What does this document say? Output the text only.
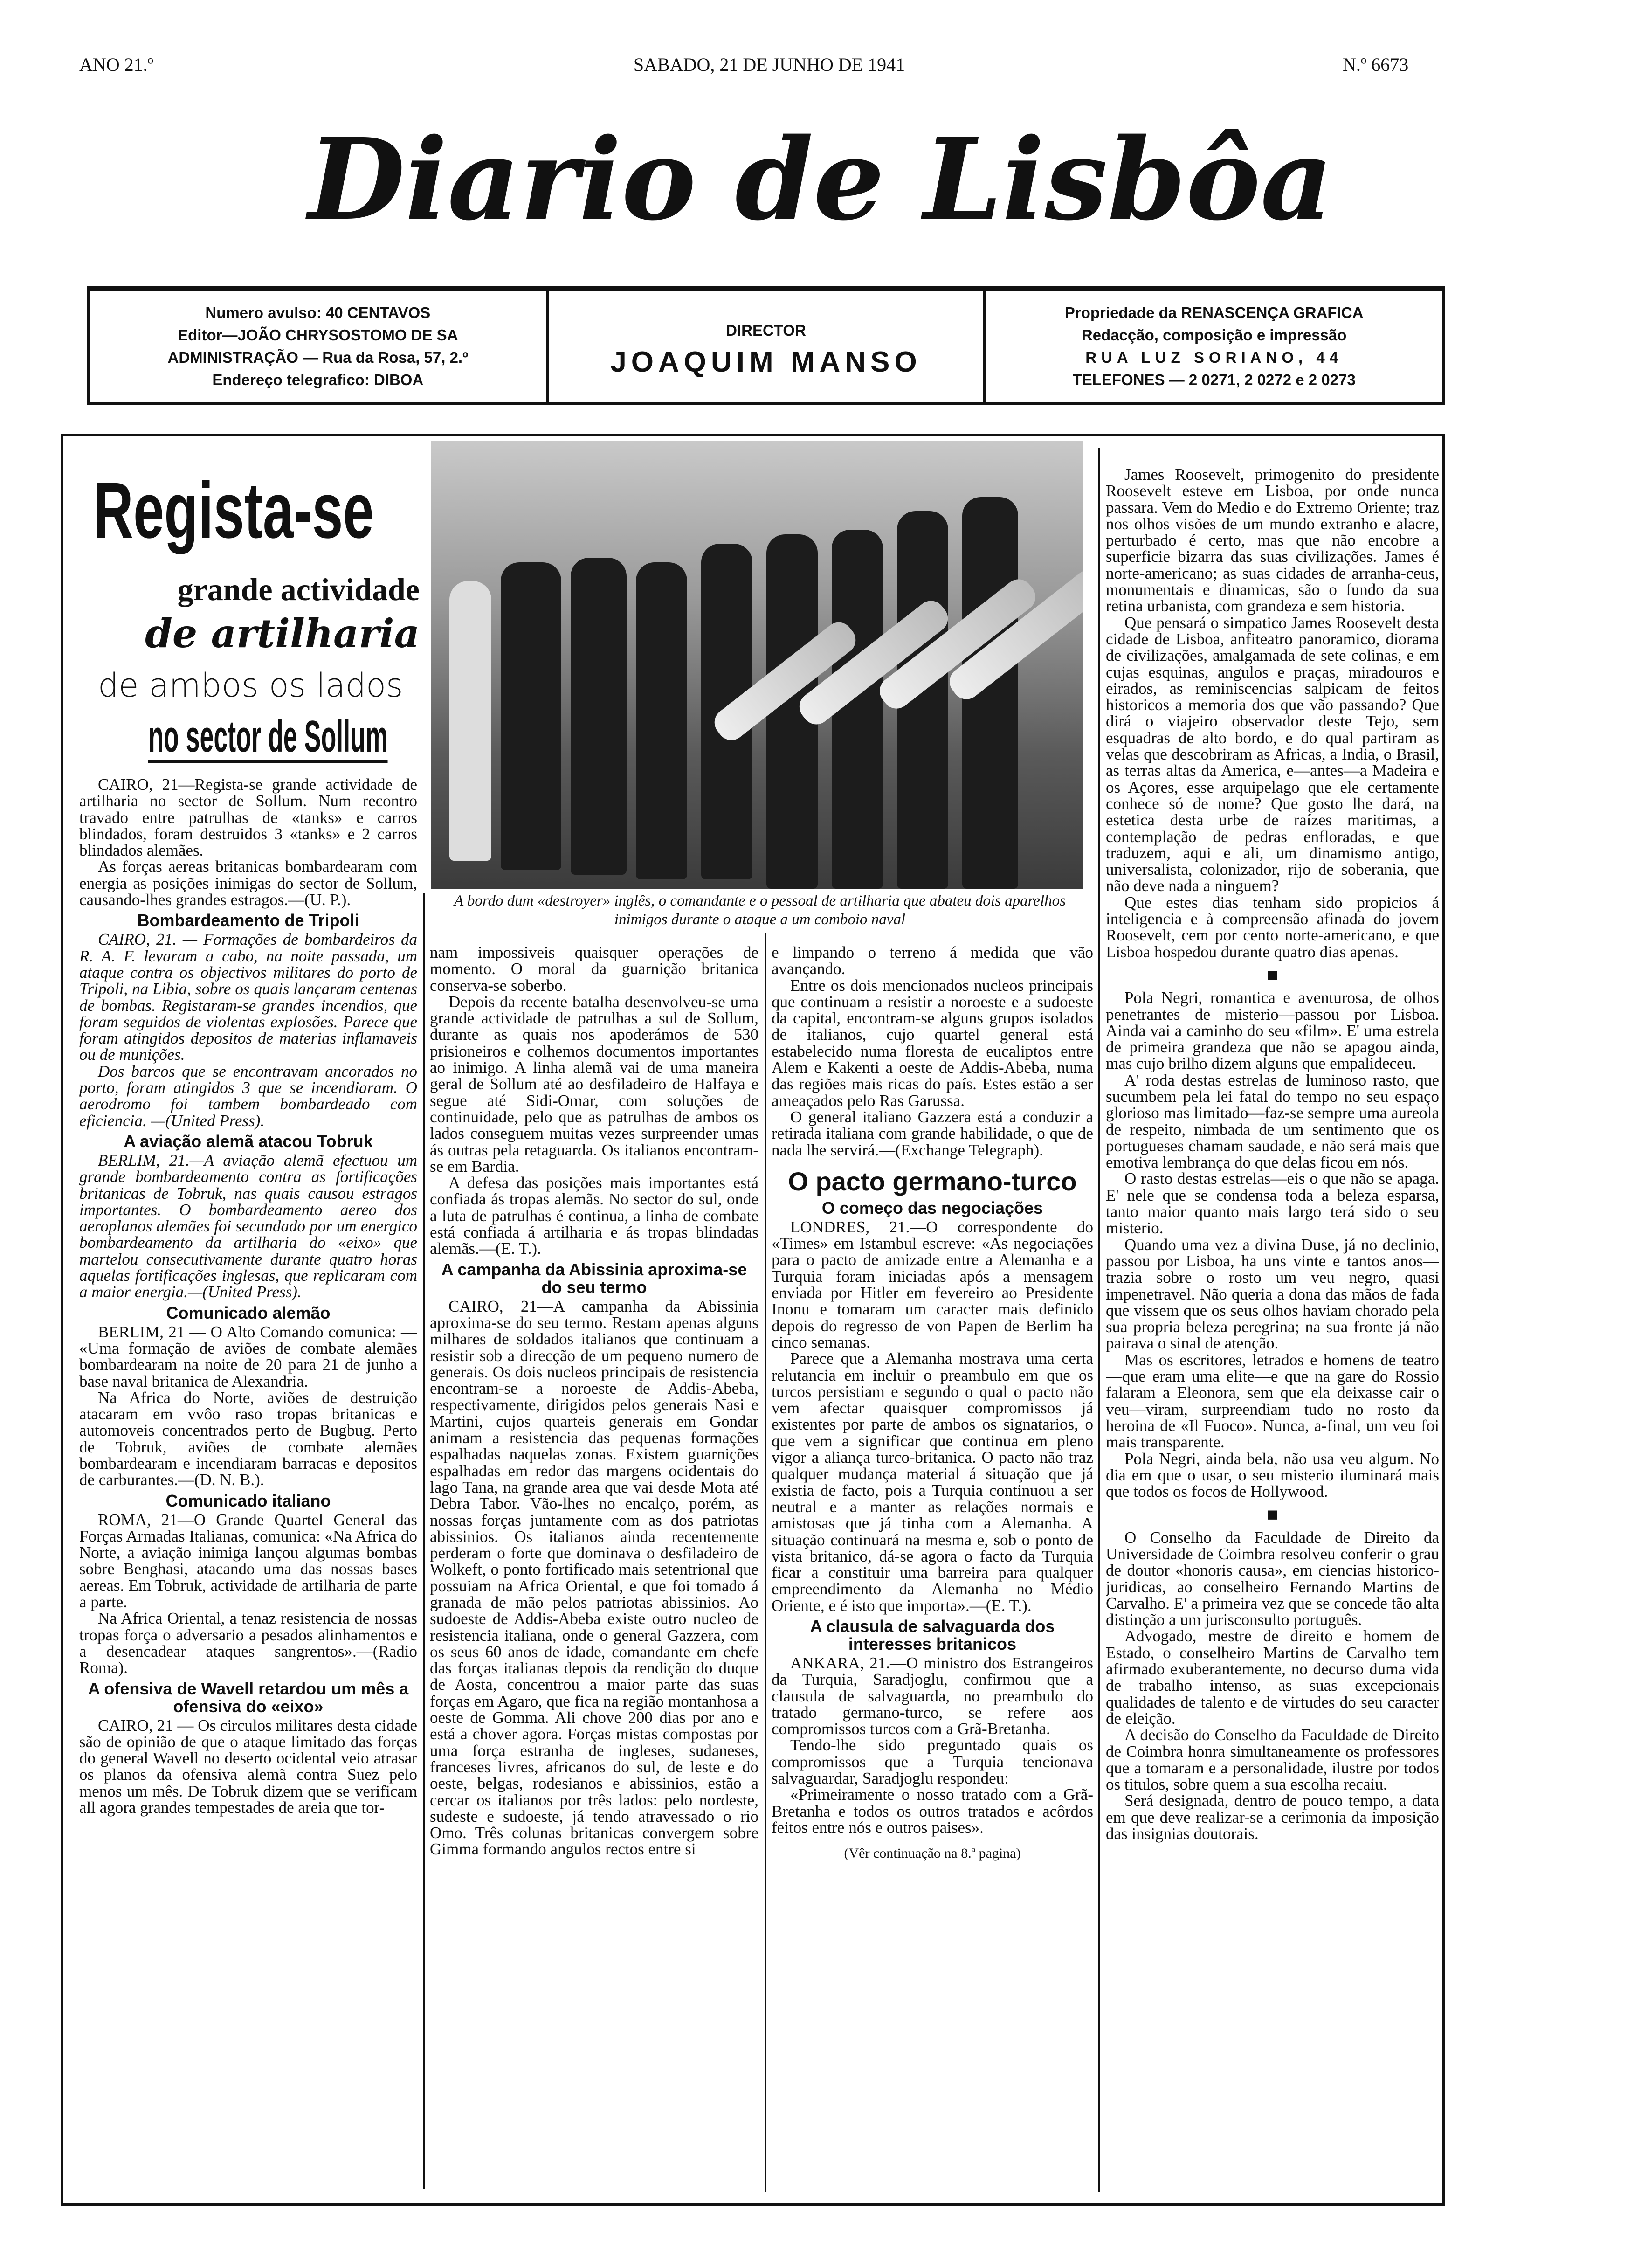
ANO 21.º	SABADO, 21 DE JUNHO DE 1941	N.º 6673
Diario de Lisbôa
Numero avulso: 40 CENTAVOS
Editor—JOÃO CHRYSOSTOMO DE SA
ADMINISTRAÇÃO — Rua da Rosa, 57, 2.º
Endereço telegrafico: DIBOA
DIRECTOR
JOAQUIM MANSO
Propriedade da RENASCENÇA GRAFICA
Redacção, composição e impressão
RUA LUZ SORIANO, 44
TELEFONES — 2 0271, 2 0272 e 2 0273
Regista-se
grande actividade
de artilharia
de ambos os lados
no sector de Sollum
A bordo dum «destroyer» inglês, o comandante e o pessoal de artilharia que abateu dois aparelhos inimigos durante o ataque a um comboio naval

CAIRO, 21—Regista-se grande actividade de artilharia no sector de Sollum. Num recontro travado entre patrulhas de «tanks» e carros blindados, foram destruidos 3 «tanks» e 2 carros blindados alemães.

As forças aereas britanicas bombardearam com energia as posições inimigas do sector de Sollum, causando-lhes grandes estragos.—(U. P.).

Bombardeamento de Tripoli

CAIRO, 21. — Formações de bombardeiros da R. A. F. levaram a cabo, na noite passada, um ataque contra os objectivos militares do porto de Tripoli, na Libia, sobre os quais lançaram centenas de bombas. Registaram-se grandes incendios, que foram seguidos de violentas explosões. Parece que foram atingidos depositos de materias inflamaveis ou de munições.

Dos barcos que se encontravam ancorados no porto, foram atingidos 3 que se incendiaram. O aerodromo foi tambem bombardeado com eficiencia. —(United Press).

A aviação alemã atacou Tobruk

BERLIM, 21.—A aviação alemã efectuou um grande bombardeamento contra as fortificações britanicas de Tobruk, nas quais causou estragos importantes. O bombardeamento aereo dos aeroplanos alemães foi secundado por um energico bombardeamento da artilharia do «eixo» que martelou consecutivamente durante quatro horas aquelas fortificações inglesas, que replicaram com a maior energia.—(United Press).

Comunicado alemão

BERLIM, 21 — O Alto Comando comunica: — «Uma formação de aviões de combate alemães bombardearam na noite de 20 para 21 de junho a base naval britanica de Alexandria.

Na Africa do Norte, aviões de destruição atacaram em vvôo raso tropas britanicas e automoveis concentrados perto de Bugbug. Perto de Tobruk, aviões de combate alemães bombardearam e incendiaram barracas e depositos de carburantes.—(D. N. B.).

Comunicado italiano

ROMA, 21—O Grande Quartel General das Forças Armadas Italianas, comunica: «Na Africa do Norte, a aviação inimiga lançou algumas bombas sobre Benghasi, atacando uma das nossas bases aereas. Em Tobruk, actividade de artilharia de parte a parte.

Na Africa Oriental, a tenaz resistencia de nossas tropas força o adversario a pesados alinhamentos e a desencadear ataques sangrentos».—(Radio Roma).

A ofensiva de Wavell retardou um mês a ofensiva do «eixo»

CAIRO, 21 — Os circulos militares desta cidade são de opinião de que o ataque limitado das forças do general Wavell no deserto ocidental veio atrasar os planos da ofensiva alemã contra Suez pelo menos um mês. De Tobruk dizem que se verificam all agora grandes tempestades de areia que tor-

nam impossiveis quaisquer operações de momento. O moral da guarnição britanica conserva-se soberbo.

Depois da recente batalha desenvolveu-se uma grande actividade de patrulhas a sul de Sollum, durante as quais nos apoderámos de 530 prisioneiros e colhemos documentos importantes ao inimigo. A linha alemã vai de uma maneira geral de Sollum até ao desfiladeiro de Halfaya e segue até Sidi-Omar, com soluções de continuidade, pelo que as patrulhas de ambos os lados conseguem muitas vezes surpreender umas ás outras pela retaguarda. Os italianos encontram-se em Bardia.

A defesa das posições mais importantes está confiada ás tropas alemãs. No sector do sul, onde a luta de patrulhas é continua, a linha de combate está confiada á artilharia e ás tropas blindadas alemãs.—(E. T.).

A campanha da Abissinia aproxima-se do seu termo

CAIRO, 21—A campanha da Abissinia aproxima-se do seu termo. Restam apenas alguns milhares de soldados italianos que continuam a resistir sob a direcção de um pequeno numero de generais. Os dois nucleos principais de resistencia encontram-se a noroeste de Addis-Abeba, respectivamente, dirigidos pelos generais Nasi e Martini, cujos quarteis generais em Gondar animam a resistencia das pequenas formações espalhadas naquelas zonas. Existem guarnições espalhadas em redor das margens ocidentais do lago Tana, na grande area que vai desde Mota até Debra Tabor. Vão-lhes no encalço, porém, as nossas forças juntamente com as dos patriotas abissinios. Os italianos ainda recentemente perderam o forte que dominava o desfiladeiro de Wolkeft, o ponto fortificado mais setentrional que possuiam na Africa Oriental, e que foi tomado á granada de mão pelos patriotas abissinios. Ao sudoeste de Addis-Abeba existe outro nucleo de resistencia italiana, onde o general Gazzera, com os seus 60 anos de idade, comandante em chefe das forças italianas depois da rendição do duque de Aosta, concentrou a maior parte das suas forças em Agaro, que fica na região montanhosa a oeste de Gomma. Ali chove 200 dias por ano e está a chover agora. Forças mistas compostas por uma força estranha de ingleses, sudaneses, franceses livres, africanos do sul, de leste e do oeste, belgas, rodesianos e abissinios, estão a cercar os italianos por três lados: pelo nordeste, sudeste e sudoeste, já tendo atravessado o rio Omo. Três colunas britanicas convergem sobre Gimma formando angulos rectos entre si

e limpando o terreno á medida que vão avançando.

Entre os dois mencionados nucleos principais que continuam a resistir a noroeste e a sudoeste da capital, encontram-se alguns grupos isolados de italianos, cujo quartel general está estabelecido numa floresta de eucaliptos entre Alem e Kakenti a oeste de Addis-Abeba, numa das regiões mais ricas do país. Estes estão a ser ameaçados pelo Ras Garussa.

O general italiano Gazzera está a conduzir a retirada italiana com grande habilidade, o que de nada lhe servirá.—(Exchange Telegraph).

O pacto germano-turco
O começo das negociações

LONDRES, 21.—O correspondente do «Times» em Istambul escreve: «As negociações para o pacto de amizade entre a Alemanha e a Turquia foram iniciadas após a mensagem enviada por Hitler em fevereiro ao Presidente Inonu e tomaram um caracter mais definido depois do regresso de von Papen de Berlim ha cinco semanas.

Parece que a Alemanha mostrava uma certa relutancia em incluir o preambulo em que os turcos persistiam e segundo o qual o pacto não vem afectar quaisquer compromissos já existentes por parte de ambos os signatarios, o que vem a significar que continua em pleno vigor a aliança turco-britanica. O pacto não traz qualquer mudança material á situação que já existia de facto, pois a Turquia continuou a ser neutral e a manter as relações normais e amistosas que já tinha com a Alemanha. A situação continuará na mesma e, sob o ponto de vista britanico, dá-se agora o facto da Turquia ficar a constituir uma barreira para qualquer empreendimento da Alemanha no Médio Oriente, e é isto que importa».—(E. T.).

A clausula de salvaguarda dos interesses britanicos

ANKARA, 21.—O ministro dos Estrangeiros da Turquia, Saradjoglu, confirmou que a clausula de salvaguarda, no preambulo do tratado germano-turco, se refere aos compromissos turcos com a Grã-Bretanha.

Tendo-lhe sido preguntado quais os compromissos que a Turquia tencionava salvaguardar, Saradjoglu respondeu:

«Primeiramente o nosso tratado com a Grã-Bretanha e todos os outros tratados e acôrdos feitos entre nós e outros paises».

(Vêr continuação na 8.ª pagina)

James Roosevelt, primogenito do presidente Roosevelt esteve em Lisboa, por onde nunca passara. Vem do Medio e do Extremo Oriente; traz nos olhos visões de um mundo extranho e alacre, perturbado é certo, mas que não encobre a superficie bizarra das suas civilizações. James é norte-americano; as suas cidades de arranha-ceus, monumentais e dinamicas, são o fundo da sua retina urbanista, com grandeza e sem historia.

Que pensará o simpatico James Roosevelt desta cidade de Lisboa, anfiteatro panoramico, diorama de civilizações, amalgamada de sete colinas, e em cujas esquinas, angulos e praças, miradouros e eirados, as reminiscencias salpicam de feitos historicos a memoria dos que vão passando? Que dirá o viajeiro observador deste Tejo, sem esquadras de alto bordo, e do qual partiram as velas que descobriram as Africas, a India, o Brasil, as terras altas da America, e—antes—a Madeira e os Açores, esse arquipelago que ele certamente conhece só de nome? Que gosto lhe dará, na estetica desta urbe de raízes maritimas, a contemplação de pedras enfloradas, e que traduzem, aqui e ali, um dinamismo antigo, universalista, colonizador, rijo de soberania, que não deve nada a ninguem?

Que estes dias tenham sido propicios á inteligencia e à compreensão afinada do jovem Roosevelt, cem por cento norte-americano, e que Lisboa hospedou durante quatro dias apenas.

■

Pola Negri, romantica e aventurosa, de olhos penetrantes de misterio—passou por Lisboa. Ainda vai a caminho do seu «film». E' uma estrela de primeira grandeza que não se apagou ainda, mas cujo brilho dizem alguns que empalideceu.

A' roda destas estrelas de luminoso rasto, que sucumbem pela lei fatal do tempo no seu espaço glorioso mas limitado—faz-se sempre uma aureola de respeito, nimbada de um sentimento que os portugueses chamam saudade, e não será mais que emotiva lembrança do que delas ficou em nós.

O rasto destas estrelas—eis o que não se apaga. E' nele que se condensa toda a beleza esparsa, tanto maior quanto mais largo terá sido o seu misterio.

Quando uma vez a divina Duse, já no declinio, passou por Lisboa, ha uns vinte e tantos anos—trazia sobre o rosto um veu negro, quasi impenetravel. Não queria a dona das mãos de fada que vissem que os seus olhos haviam chorado pela sua propria beleza peregrina; na sua fronte já não pairava o sinal de atenção.

Mas os escritores, letrados e homens de teatro—que eram uma elite—e que na gare do Rossio falaram a Eleonora, sem que ela deixasse cair o veu—viram, surpreendiam tudo no rosto da heroina de «Il Fuoco». Nunca, a-final, um veu foi mais transparente.

Pola Negri, ainda bela, não usa veu algum. No dia em que o usar, o seu misterio iluminará mais que todos os focos de Hollywood.

■

O Conselho da Faculdade de Direito da Universidade de Coimbra resolveu conferir o grau de doutor «honoris causa», em ciencias historico-juridicas, ao conselheiro Fernando Martins de Carvalho. E' a primeira vez que se concede tão alta distinção a um jurisconsulto português.

Advogado, mestre de direito e homem de Estado, o conselheiro Martins de Carvalho tem afirmado exuberantemente, no decurso duma vida de trabalho intenso, as suas excepcionais qualidades de talento e de virtudes do seu caracter de eleição.

A decisão do Conselho da Faculdade de Direito de Coimbra honra simultaneamente os professores que a tomaram e a personalidade, ilustre por todos os titulos, sobre quem a sua escolha recaiu.

Será designada, dentro de pouco tempo, a data em que deve realizar-se a cerimonia da imposição das insignias doutorais.
